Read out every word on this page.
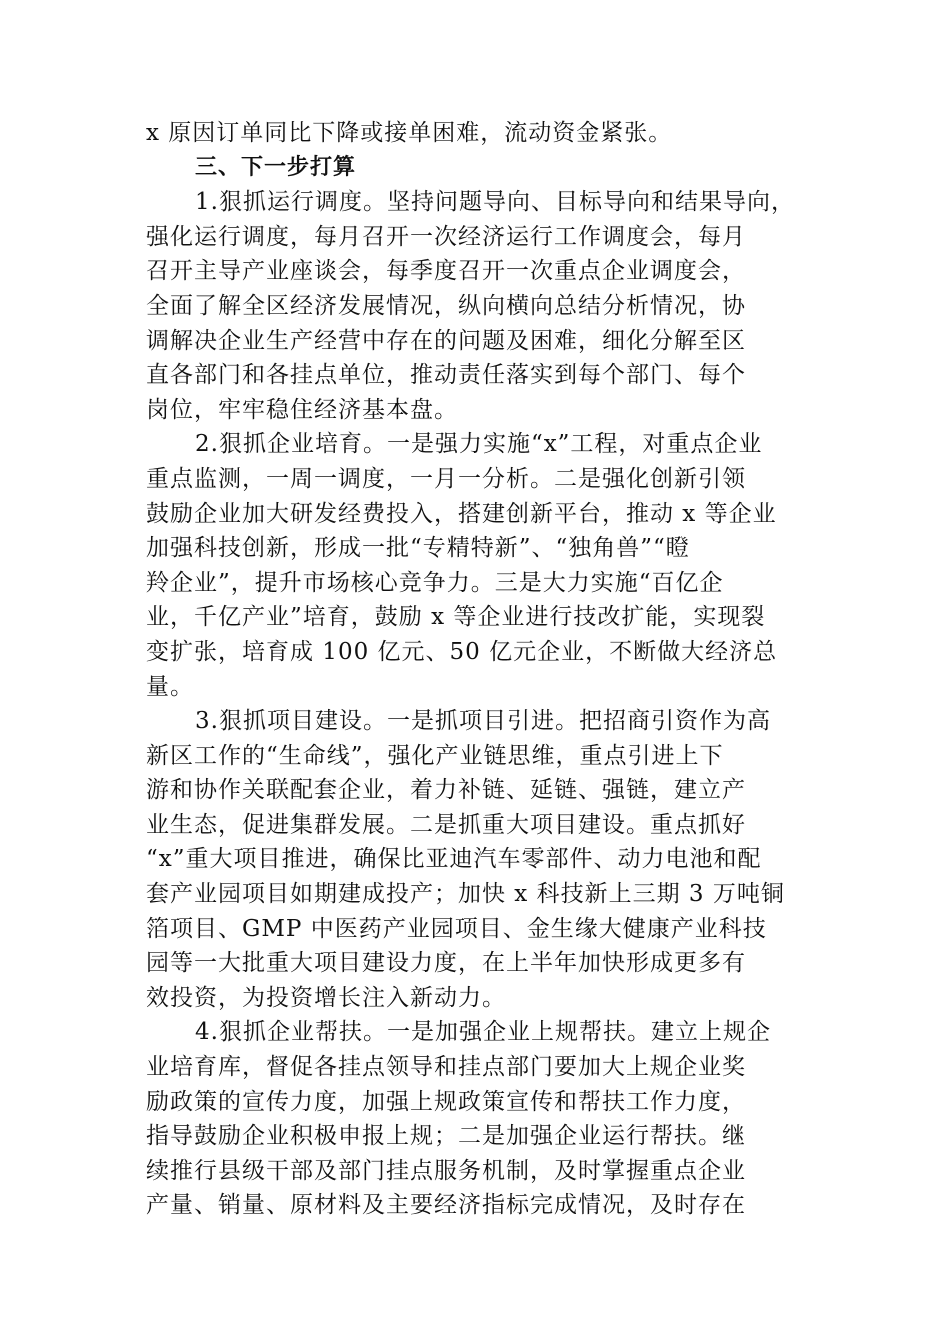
x 原因订单同比下降或接单困难，流动资金紧张。
三、下一步打算
1.狠抓运行调度。坚持问题导向、目标导向和结果导向，
强化运行调度，每月召开一次经济运行工作调度会，每月
召开主导产业座谈会，每季度召开一次重点企业调度会，
全面了解全区经济发展情况，纵向横向总结分析情况，协
调解决企业生产经营中存在的问题及困难，细化分解至区
直各部门和各挂点单位，推动责任落实到每个部门、每个
岗位，牢牢稳住经济基本盘。
2.狠抓企业培育。一是强力实施“x”工程，对重点企业
重点监测，一周一调度，一月一分析。二是强化创新引领
鼓励企业加大研发经费投入，搭建创新平台，推动 x 等企业
加强科技创新，形成一批“专精特新”、“独角兽”“瞪
羚企业”，提升市场核心竞争力。三是大力实施“百亿企
业，千亿产业”培育，鼓励 x 等企业进行技改扩能，实现裂
变扩张，培育成 100 亿元、50 亿元企业，不断做大经济总
量。
3.狠抓项目建设。一是抓项目引进。把招商引资作为高
新区工作的“生命线”，强化产业链思维，重点引进上下
游和协作关联配套企业，着力补链、延链、强链，建立产
业生态，促进集群发展。二是抓重大项目建设。重点抓好
“x”重大项目推进，确保比亚迪汽车零部件、动力电池和配
套产业园项目如期建成投产；加快 x 科技新上三期 3 万吨铜
箔项目、GMP 中医药产业园项目、金生缘大健康产业科技
园等一大批重大项目建设力度，在上半年加快形成更多有
效投资，为投资增长注入新动力。
4.狠抓企业帮扶。一是加强企业上规帮扶。建立上规企
业培育库，督促各挂点领导和挂点部门要加大上规企业奖
励政策的宣传力度，加强上规政策宣传和帮扶工作力度，
指导鼓励企业积极申报上规；二是加强企业运行帮扶。继
续推行县级干部及部门挂点服务机制，及时掌握重点企业
产量、销量、原材料及主要经济指标完成情况，及时存在
